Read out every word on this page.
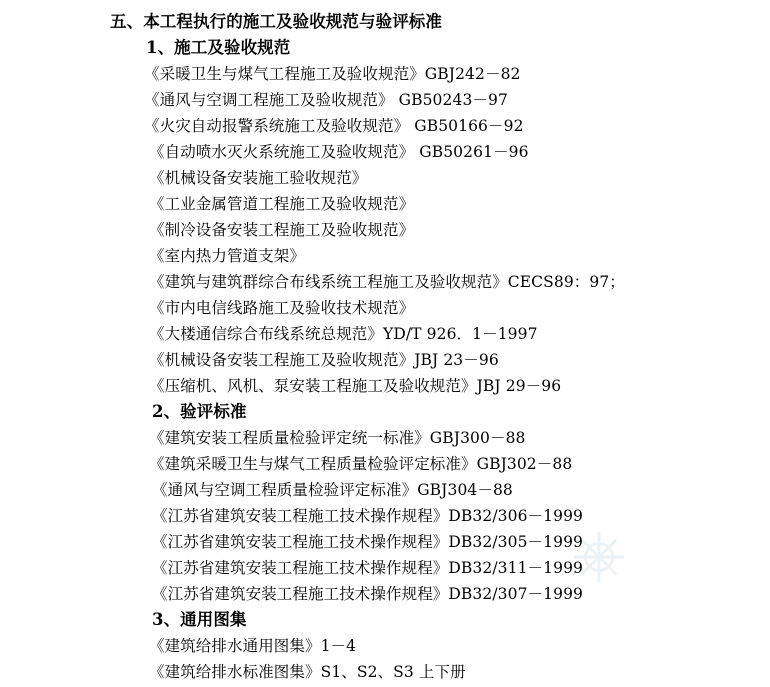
五、本工程执行的施工及验收规范与验评标准
1、施工及验收规范
《采暖卫生与煤气工程施工及验收规范》GBJ242－82
《通风与空调工程施工及验收规范》 GB50243－97
《火灾自动报警系统施工及验收规范》 GB50166－92
《自动喷水灭火系统施工及验收规范》 GB50261－96
《机械设备安装施工验收规范》
《工业金属管道工程施工及验收规范》
《制冷设备安装工程施工及验收规范》
《室内热力管道支架》
《建筑与建筑群综合布线系统工程施工及验收规范》CECS89：97；
《市内电信线路施工及验收技术规范》
《大楼通信综合布线系统总规范》YD/T 926．1－1997
《机械设备安装工程施工及验收规范》JBJ 23－96
《压缩机、风机、泵安装工程施工及验收规范》JBJ 29－96
2、验评标准
《建筑安装工程质量检验评定统一标准》GBJ300－88
《建筑采暖卫生与煤气工程质量检验评定标准》GBJ302－88
《通风与空调工程质量检验评定标准》GBJ304－88
《江苏省建筑安装工程施工技术操作规程》DB32/306－1999
《江苏省建筑安装工程施工技术操作规程》DB32/305－1999
《江苏省建筑安装工程施工技术操作规程》DB32/311－1999
《江苏省建筑安装工程施工技术操作规程》DB32/307－1999
3、通用图集
《建筑给排水通用图集》1－4
《建筑给排水标准图集》S1、S2、S3 上下册
